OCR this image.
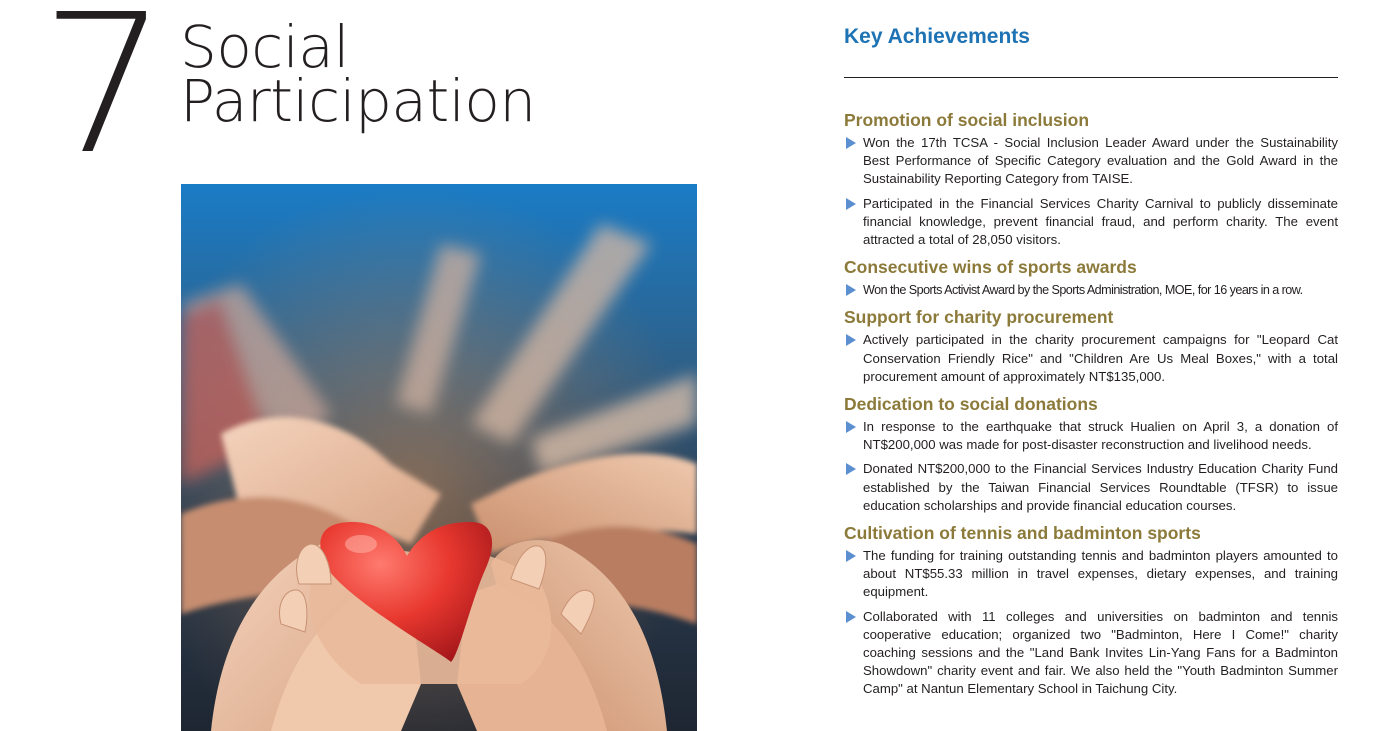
7 Social
Participation
Key Achievements
Promotion of social inclusion
Won the 17th TCSA - Social Inclusion Leader Award under the Sustainability Best Performance of Specific Category evaluation and the Gold Award in the Sustainability Reporting Category from TAISE.
Participated in the Financial Services Charity Carnival to publicly disseminate financial knowledge, prevent financial fraud, and perform charity. The event attracted a total of 28,050 visitors.
Consecutive wins of sports awards
Won the Sports Activist Award by the Sports Administration, MOE, for 16 years in a row.
Support for charity procurement
Actively participated in the charity procurement campaigns for "Leopard Cat Conservation Friendly Rice" and "Children Are Us Meal Boxes," with a total procurement amount of approximately NT$135,000.
Dedication to social donations
In response to the earthquake that struck Hualien on April 3, a donation of NT$200,000 was made for post-disaster reconstruction and livelihood needs.
Donated NT$200,000 to the Financial Services Industry Education Charity Fund established by the Taiwan Financial Services Roundtable (TFSR) to issue education scholarships and provide financial education courses.
Cultivation of tennis and badminton sports
The funding for training outstanding tennis and badminton players amounted to about NT$55.33 million in travel expenses, dietary expenses, and training equipment.
Collaborated with 11 colleges and universities on badminton and tennis cooperative education; organized two "Badminton, Here I Come!" charity coaching sessions and the "Land Bank Invites Lin-Yang Fans for a Badminton Showdown" charity event and fair. We also held the "Youth Badminton Summer Camp" at Nantun Elementary School in Taichung City.
